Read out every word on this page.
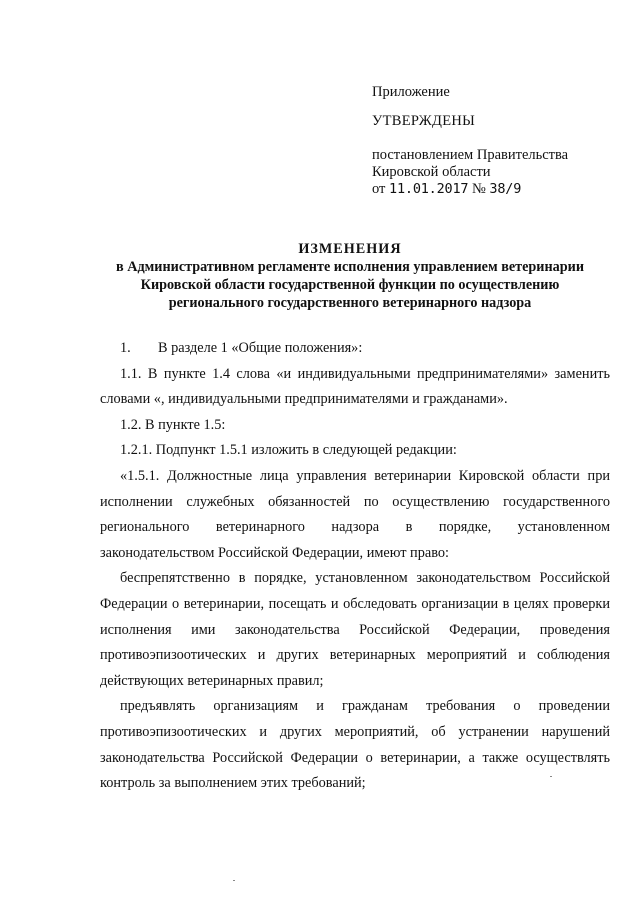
Приложение

УТВЕРЖДЕНЫ

постановлением Правительства

Кировской области

от 11.01.2017 № 38/9

ИЗМЕНЕНИЯ
в Административном регламенте исполнения управлением ветеринарии
Кировской области государственной функции по осуществлению
регионального государственного ветеринарного надзора

1. В разделе 1 «Общие положения»:

1.1. В пункте 1.4 слова «и индивидуальными предпринимателями» заменить словами «, индивидуальными предпринимателями и гражданами».

1.2. В пункте 1.5:

1.2.1. Подпункт 1.5.1 изложить в следующей редакции:

«1.5.1. Должностные лица управления ветеринарии Кировской области при исполнении служебных обязанностей по осуществлению государственного регионального ветеринарного надзора в порядке, установленном законодательством Российской Федерации, имеют право:

беспрепятственно в порядке, установленном законодательством Российской Федерации о ветеринарии, посещать и обследовать организации в целях проверки исполнения ими законодательства Российской Федерации, проведения противоэпизоотических и других ветеринарных мероприятий и соблюдения действующих ветеринарных правил;

предъявлять организациям и гражданам требования о проведении противоэпизоотических и других мероприятий, об устранении нарушений законодательства Российской Федерации о ветеринарии, а также осуществлять контроль за выполнением этих требований;
